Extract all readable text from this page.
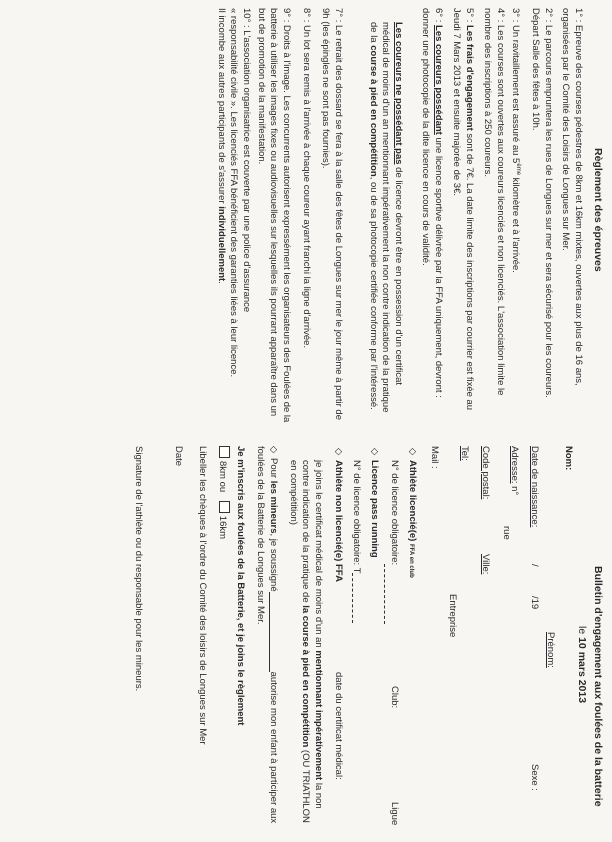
Règlement des épreuves

1° : Epreuve des courses pédestres de 8km et 16km mixtes, ouvertes aux plus de 16 ans, organisées par le Comité des Loisirs de Longues sur Mer.

2° : Le parcours empruntera les rues de Longues sur mer et sera sécurisé pour les coureurs. Départ Salle des fêtes à 10h.

3° : Un ravitaillement est assuré au 5ème kilomètre et à l'arrivée.

4° : Les courses sont ouvertes aux coureurs licenciés et non licenciés. L'association limite le nombre des inscriptions à 250 coureurs.

5° : Les frais d'engagement sont de 7€. La date limite des inscriptions par courrier est fixée au Jeudi 7 Mars 2013 et ensuite majorée de 3€.

6° : Les coureurs possédant une licence sportive délivrée par la FFA uniquement, devront : donner une photocopie de la dite licence en cours de validité.

Les coureurs ne possédant pas de licence devront être en possession d'un certificat médical de moins d'un an mentionnant impérativement la non contre indication de la pratique de la course à pied en compétition, ou de sa photocopie certifiée conforme par l'intéressé.

7° : Le retrait des dossard se fera à la salle des fêtes de Longues sur mer le jour même à partir de 9h (les épingles ne sont pas fournies).

8° : Un lot sera remis à l'arrivée à chaque coureur ayant franchi la ligne d'arrivée.

9° : Droits à l'image. Les concurrents autorisent expressément les organisateurs des Foulées de la batterie à utiliser les images fixes ou audiovisuelles sur lesquelles ils pourrant apparaître dans un but de promotion de la manifestation.

10° : L'association organisatrice est couverte par une police d'assurance

« responsabilité civile ». Les licenciés FFA bénéficient des garanties liées à leur licence.

Il incombe aux autres participants de s'assurer individuellement.

Bulletin d'engagement aux foulées de la batterie
le 10 mars 2013
Nom:
Prénom:
Date de naissance:
/
/19
Sexe :
Adresse: n°
rue
Code postal:
Ville:
Tel:
Entreprise
Mail :
◇Athlète licencié(e) FFA en club
N° de licence obligatoire:
Club:
Ligue
◇Licence pass running
N° de licence obligatoire: T
◇Athlète non licencié(e) FFA
date du certificat médical:

je joins le certificat médical de moins d'un an mentionnant impérativement la non contre indication de la pratique de la course à pied en compétition (OU TRIATHLON en compétition)

◇Pour les mineurs, je soussignéautorise mon enfant à participer aux foulées de la Batterie de Longues sur Mer.

Je m'inscris aux foulées de la Batterie, et je joins le règlement
8km ou 16km
Libeller les chèques à l'ordre du Comité des loisirs de Longues sur Mer
Date
Signature de l'athlète ou du responsable pour les mineurs.
